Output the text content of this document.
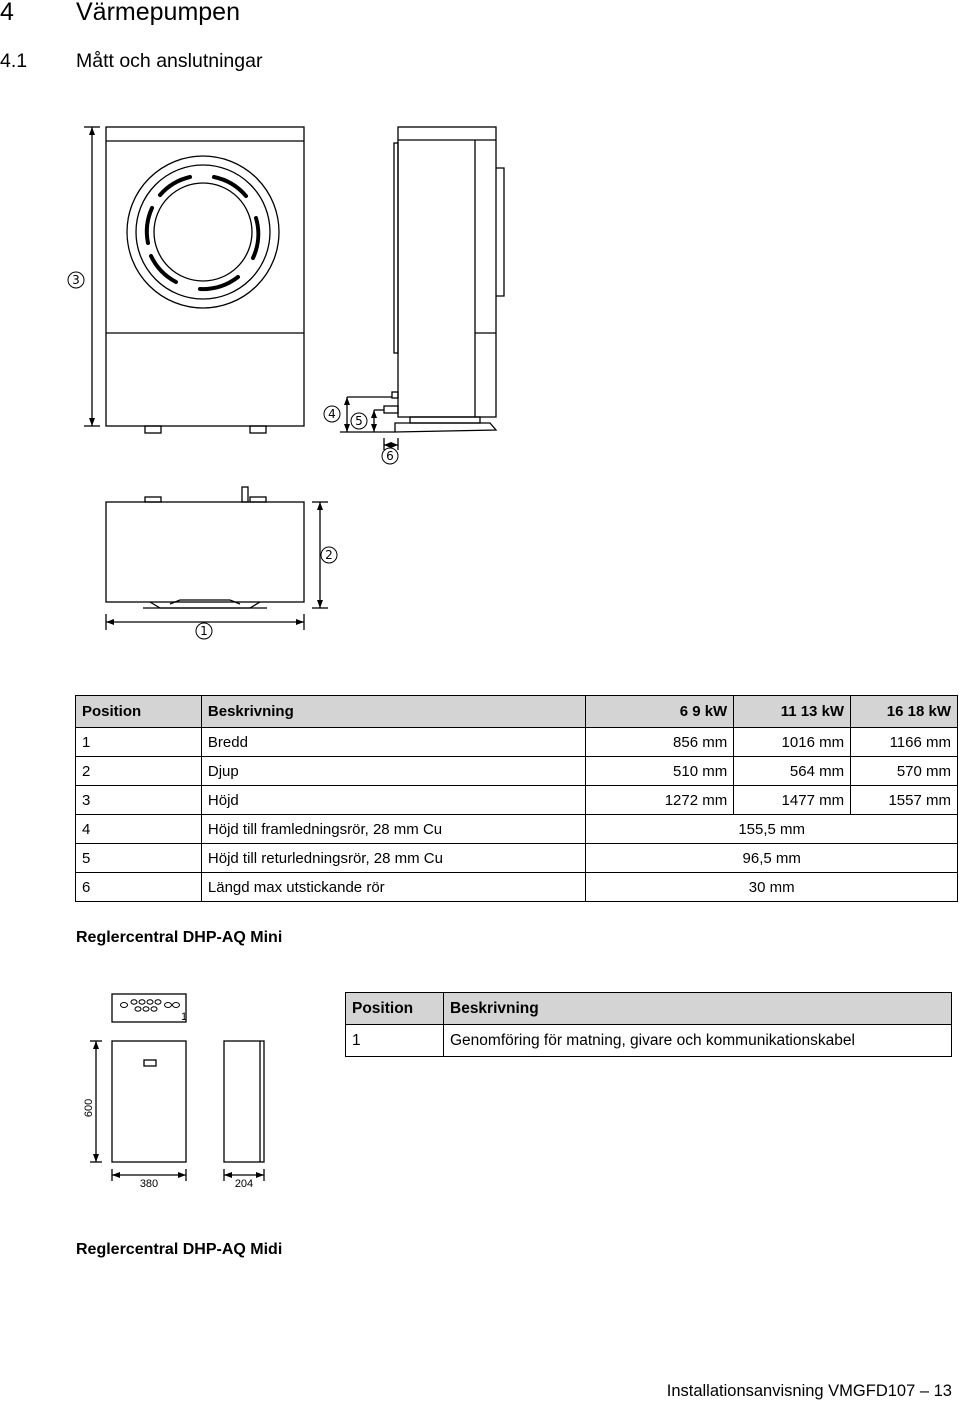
4 Värmepumpen
4.1	Mått och anslutningar
3
4 5
6
2
1
1
600
380	204
Position	Beskrivning	6 9 kW	11 13 kW	16 18 kW
1	Bredd	856 mm	1016 mm	1166 mm
2	Djup	510 mm	564 mm	570 mm
3	Höjd	1272 mm	1477 mm	1557 mm
4	Höjd till framledningsrör, 28 mm Cu	155,5 mm		
5	Höjd till returledningsrör, 28 mm Cu	96,5 mm		
6	Längd max utstickande rör	30 mm		
Reglercentral DHP-AQ Mini
Position	Beskrivning
1	Genomföring för matning, givare och kommunikationskabel
Reglercentral DHP-AQ Midi
Installationsanvisning VMGFD107 – 13
